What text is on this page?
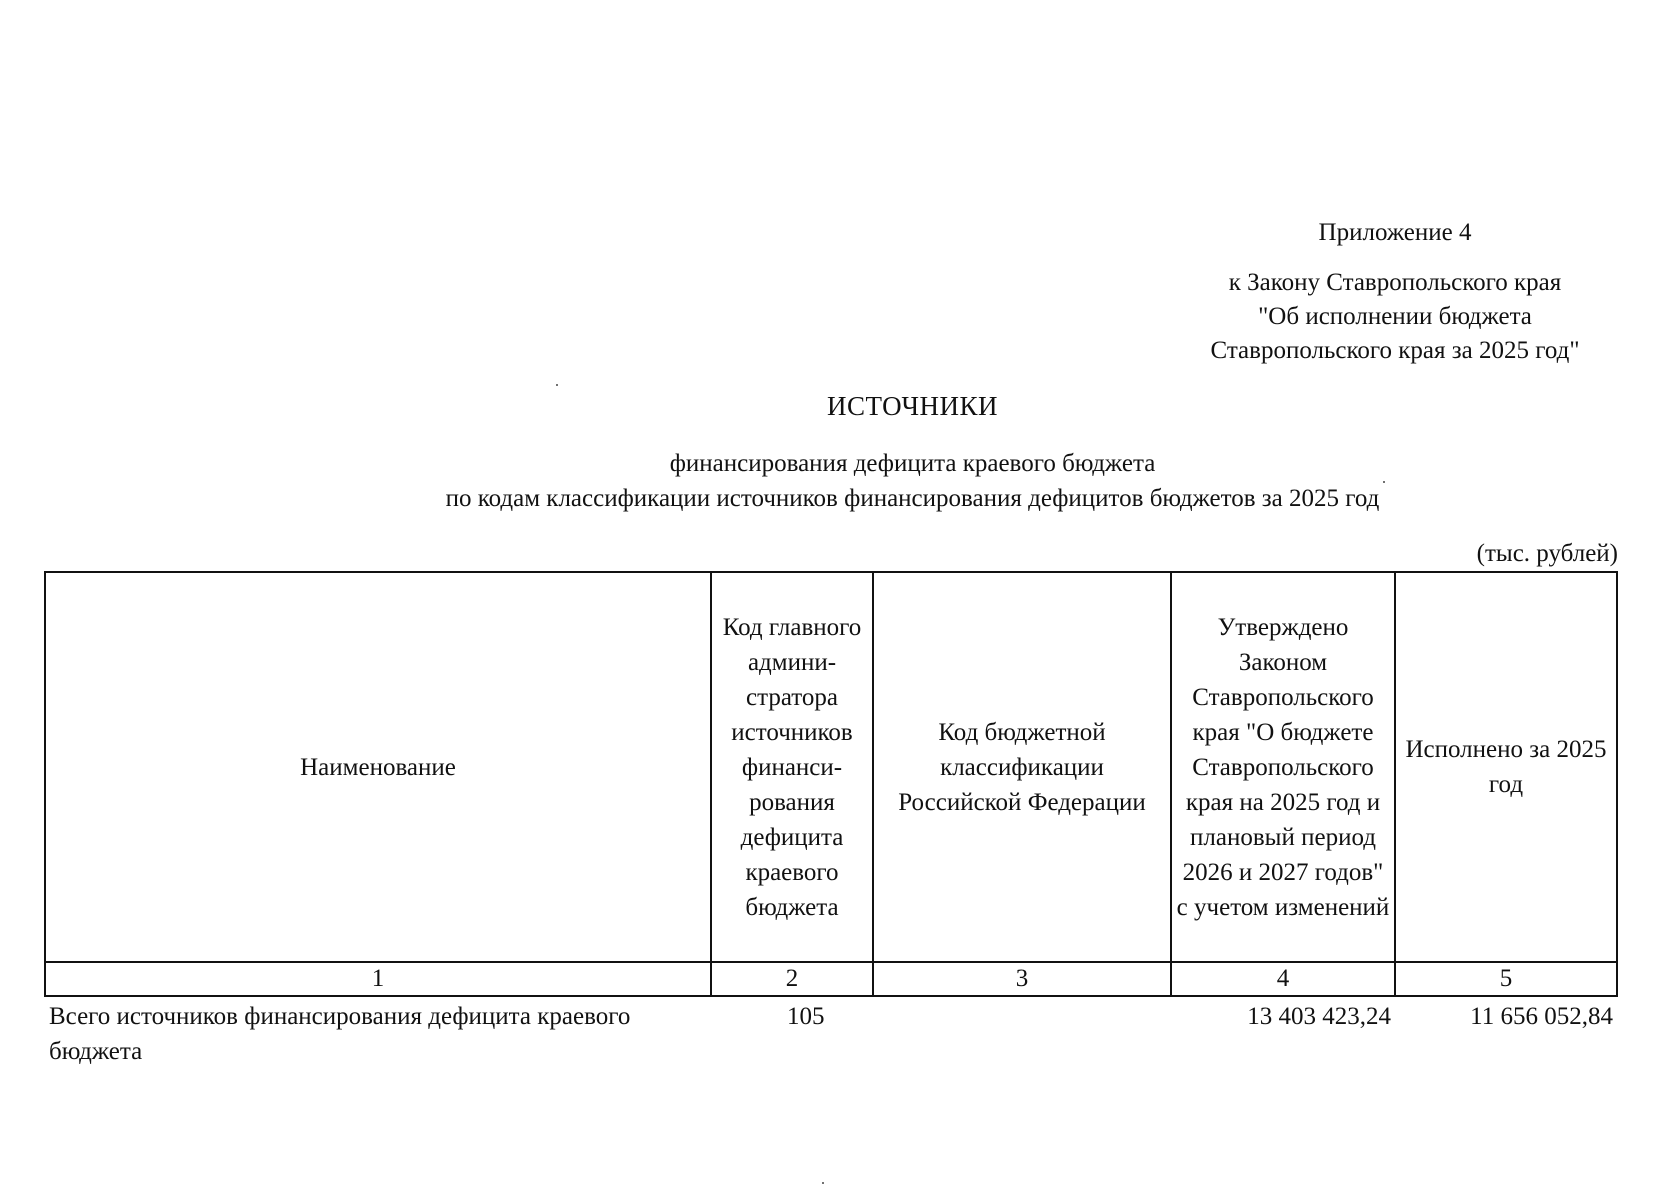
Приложение 4
к Закону Ставропольского края
"Об исполнении бюджета
Ставропольского края за 2025 год"
ИСТОЧНИКИ
финансирования дефицита краевого бюджета
по кодам классификации источников финансирования дефицитов бюджетов за 2025 год
(тыс. рублей)
Наименование	Код главного админи-стратора источников финанси-рования дефицита краевого бюджета	Код бюджетной классификации Российской Федерации	Утверждено Законом Ставропольского края "О бюджете Ставропольского края на 2025 год и плановый период 2026 и 2027 годов" с учетом изменений	Исполнено за 2025 год
1	2	3	4	5
Всего источников финансирования дефицита краевого бюджета	105		13 403 423,24	11 656 052,84
